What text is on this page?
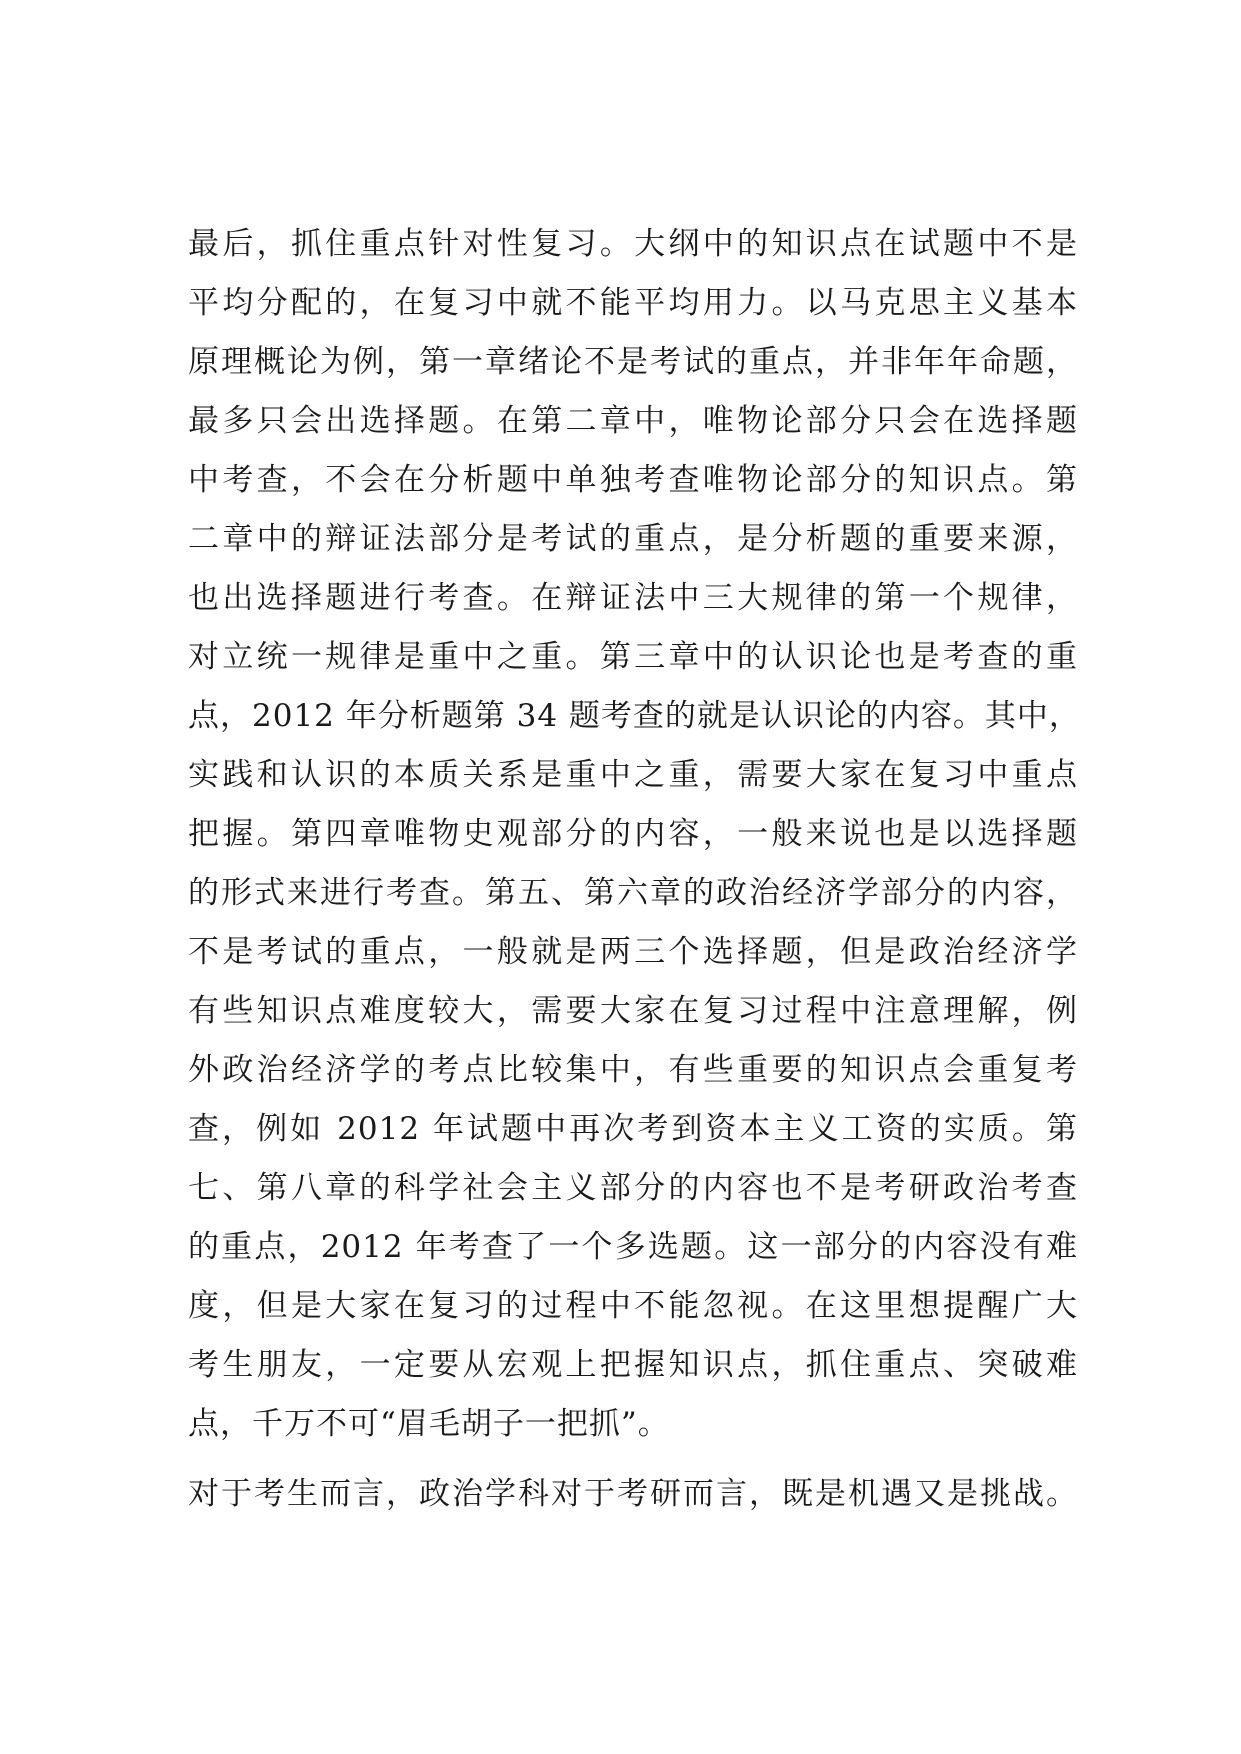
最后，抓住重点针对性复习。大纲中的知识点在试题中不是
平均分配的，在复习中就不能平均用力。以马克思主义基本
原理概论为例，第一章绪论不是考试的重点，并非年年命题，
最多只会出选择题。在第二章中，唯物论部分只会在选择题
中考查，不会在分析题中单独考查唯物论部分的知识点。第
二章中的辩证法部分是考试的重点，是分析题的重要来源，
也出选择题进行考查。在辩证法中三大规律的第一个规律，
对立统一规律是重中之重。第三章中的认识论也是考查的重
点，2012 年分析题第 34 题考查的就是认识论的内容。其中，
实践和认识的本质关系是重中之重，需要大家在复习中重点
把握。第四章唯物史观部分的内容，一般来说也是以选择题
的形式来进行考查。第五、第六章的政治经济学部分的内容，
不是考试的重点，一般就是两三个选择题，但是政治经济学
有些知识点难度较大，需要大家在复习过程中注意理解，例
外政治经济学的考点比较集中，有些重要的知识点会重复考
查，例如 2012 年试题中再次考到资本主义工资的实质。第
七、第八章的科学社会主义部分的内容也不是考研政治考查
的重点，2012 年考查了一个多选题。这一部分的内容没有难
度，但是大家在复习的过程中不能忽视。在这里想提醒广大
考生朋友，一定要从宏观上把握知识点，抓住重点、突破难
点，千万不可“眉毛胡子一把抓”。

对于考生而言，政治学科对于考研而言，既是机遇又是挑战。
